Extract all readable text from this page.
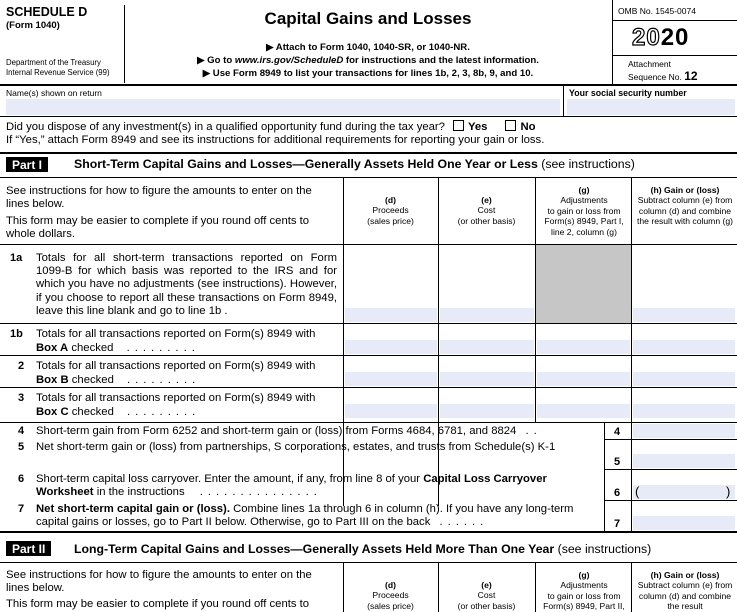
SCHEDULE D
(Form 1040)
Department of the Treasury
Internal Revenue Service (99)
Capital Gains and Losses
▶ Attach to Form 1040, 1040-SR, or 1040-NR.
▶ Go to www.irs.gov/ScheduleD for instructions and the latest information.
▶ Use Form 8949 to list your transactions for lines 1b, 2, 3, 8b, 9, and 10.
OMB No. 1545-0074
2020
Attachment
Sequence No. 12
Name(s) shown on return	Your social security number
Did you dispose of any investment(s) in a qualified opportunity fund during the tax year? Yes	No
If “Yes,” attach Form 8949 and see its instructions for additional requirements for reporting your gain or loss.
Part I	Short-Term Capital Gains and Losses—Generally Assets Held One Year or Less (see instructions)
See instructions for how to figure the amounts to enter on the lines below.
This form may be easier to complete if you round off cents to whole dollars.
(d)
Proceeds
(sales price)
(e)
Cost
(or other basis)
(g)
Adjustments
to gain or loss from Form(s) 8949, Part I, line 2, column (g)
(h) Gain or (loss)
Subtract column (e) from column (d) and combine the result with column (g)
1a Totals for all short-term transactions reported on Form 1099-B for which basis was reported to the IRS and for which you have no adjustments (see instructions). However, if you choose to report all these transactions on Form 8949, leave this line blank and go to line 1b .
1b Totals for all transactions reported on Form(s) 8949 with
Box A checked .........
2 Totals for all transactions reported on Form(s) 8949 with
Box B checked .........
3 Totals for all transactions reported on Form(s) 8949 with
Box C checked .........
4 Short-term gain from Form 6252 and short-term gain or (loss) from Forms 4684, 6781, and 8824 ..	4
5 Net short-term gain or (loss) from partnerships, S corporations, estates, and trusts from Schedule(s) K-1
5
6 Short-term capital loss carryover. Enter the amount, if any, from line 8 of your Capital Loss Carryover Worksheet in the instructions ...............	6	(	)
7 Net short-term capital gain or (loss). Combine lines 1a through 6 in column (h). If you have any long-term capital gains or losses, go to Part II below. Otherwise, go to Part III on the back ......	7
Part II	Long-Term Capital Gains and Losses—Generally Assets Held More Than One Year (see instructions)
See instructions for how to figure the amounts to enter on the lines below.
This form may be easier to complete if you round off cents to
(d)
Proceeds
(sales price)
(e)
Cost
(or other basis)
(g)
Adjustments
to gain or loss from Form(s) 8949, Part II,
(h) Gain or (loss)
Subtract column (e) from column (d) and combine the result
